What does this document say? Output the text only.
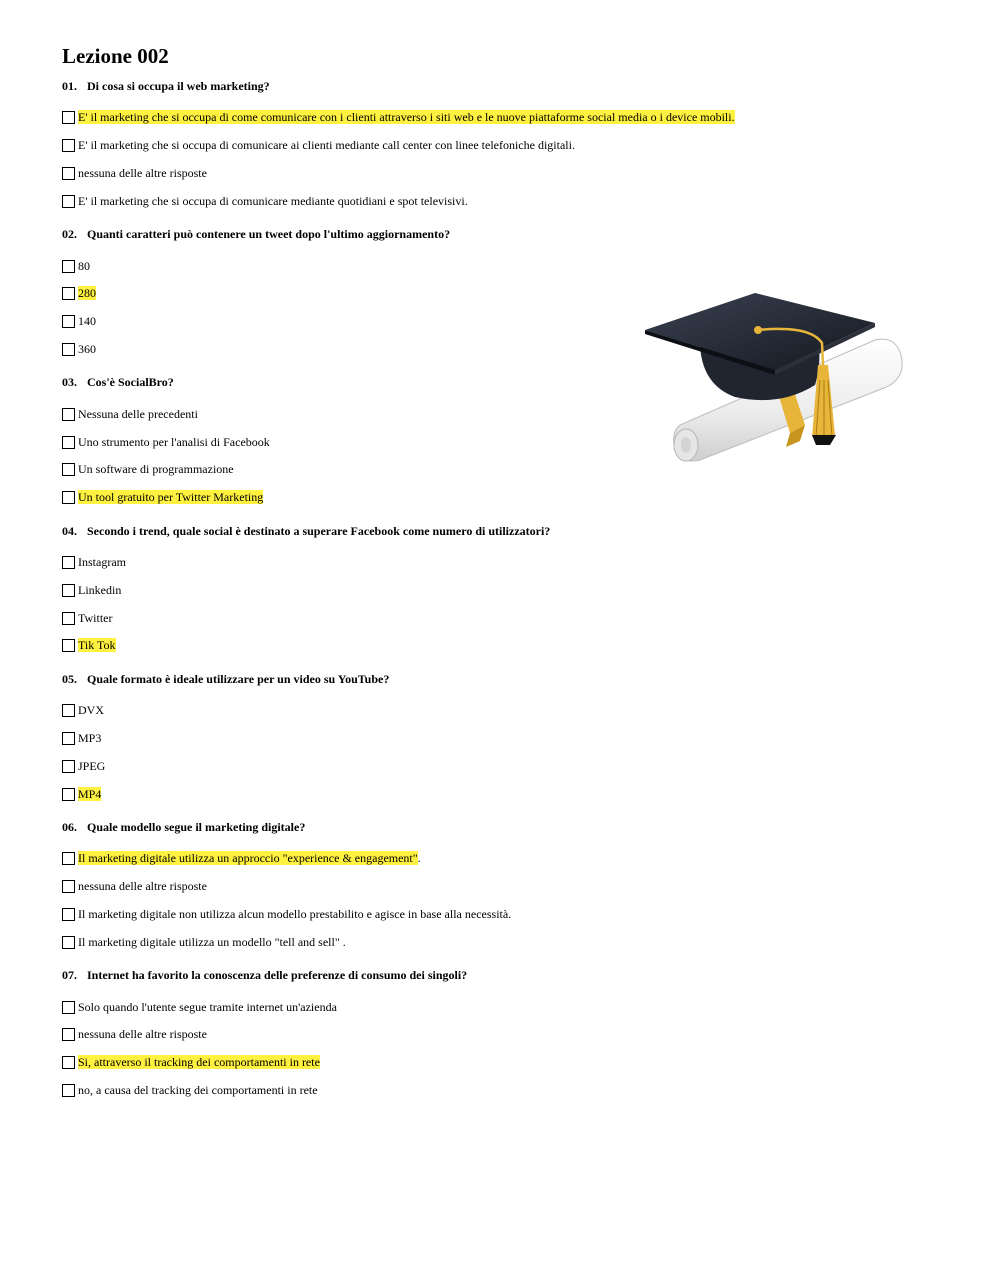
Lezione 002
01. Di cosa si occupa il web marketing?
E' il marketing che si occupa di come comunicare con i clienti attraverso i siti web e le nuove piattaforme social media o i device mobili.
E' il marketing che si occupa di comunicare ai clienti mediante call center con linee telefoniche digitali.
nessuna delle altre risposte
E' il marketing che si occupa di comunicare mediante quotidiani e spot televisivi.
02. Quanti caratteri può contenere un tweet dopo l'ultimo aggiornamento?
80
280
140
360
03. Cos'è SocialBro?
Nessuna delle precedenti
Uno strumento per l'analisi di Facebook
Un software di programmazione
Un tool gratuito per Twitter Marketing
04. Secondo i trend, quale social è destinato a superare Facebook come numero di utilizzatori?
Instagram
Linkedin
Twitter
Tik Tok
05. Quale formato è ideale utilizzare per un video su YouTube?
DVX
MP3
JPEG
MP4
06. Quale modello segue il marketing digitale?
Il marketing digitale utilizza un approccio "experience & engagement".
nessuna delle altre risposte
Il marketing digitale non utilizza alcun modello prestabilito e agisce in base alla necessità.
Il marketing digitale utilizza un modello "tell and sell" .
07. Internet ha favorito la conoscenza delle preferenze di consumo dei singoli?
Solo quando l'utente segue tramite internet un'azienda
nessuna delle altre risposte
Si, attraverso il tracking dei comportamenti in rete
no, a causa del tracking dei comportamenti in rete
